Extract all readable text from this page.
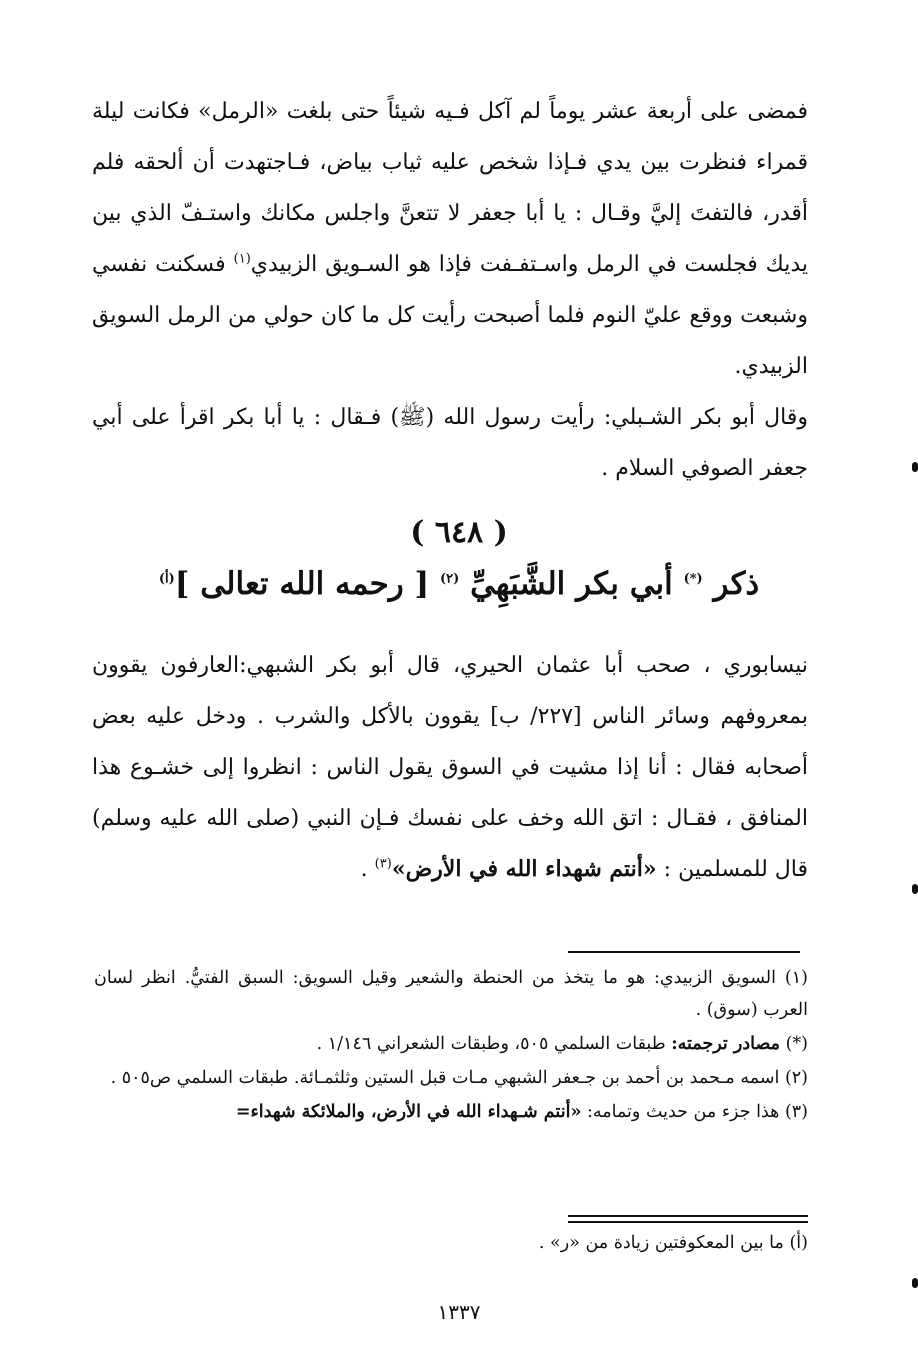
فمضى على أربعة عشر يوماً لم آكل فـيه شيئاً حتى بلغت «الرمل» فكانت ليلة قمراء فنظرت بين يدي فـإذا شخص عليه ثياب بياض، فـاجتهدت أن ألحقه فلم أقدر، فالتفتَ إليَّ وقـال : يا أبا جعفر لا تتعنَّ واجلس مكانك واستـفّ الذي بين يديك فجلست في الرمل واسـتفـفت فإذا هو السـويق الزبيدي$^{(١)}$ فسكنت نفسي وشبعت ووقع عليّ النوم فلما أصبحت رأيت كل ما كان حولي من الرمل السويق الزبيدي.
وقال أبو بكر الشـبلي: رأيت رسول الله (ﷺ) فـقال : يا أبا بكر اقرأ على أبي جعفر الصوفي السلام .
( ٦٤٨ )
ذكر (*) أبي بكر الشَّبَهِيِّ $^{(٢)}$ [ رحمه الله تعالى ]$^{(أ)}$
نيسابوري ، صحب أبا عثمان الحيري، قال أبو بكر الشبهي:العارفون يقوون بمعروفهم وسائر الناس [٢٢٧/ ب] يقوون بالأكل والشرب . ودخل عليه بعض أصحابه فقال : أنا إذا مشيت في السوق يقول الناس : انظروا إلى خشـوع هذا المنافق ، فقـال : اتق الله وخف على نفسك فـإن النبي (صلى الله عليه وسلم) قال للمسلمين : «أنتم شهداء الله في الأرض»$^{(٣)}$ .
(١) السويق الزبيدي: هو ما يتخذ من الحنطة والشعير وقيل السويق: السبق الفتيُّ. انظر لسان العرب (سوق) .
(*) مصادر ترجمته: طبقات السلمي ٥٠٥، وطبقات الشعراني ١/١٤٦ .
(٢) اسمه مـحمد بن أحمد بن جـعفر الشبهي مـات قبل الستين وثلثمـائة. طبقات السلمي ص٥٠٥ .
(٣) هذا جزء من حديث وتمامه: «أنتم شـهداء الله في الأرض، والملائكة شهداء=
(أ) ما بين المعكوفتين زيادة من «ر» .
١٣٣٧
